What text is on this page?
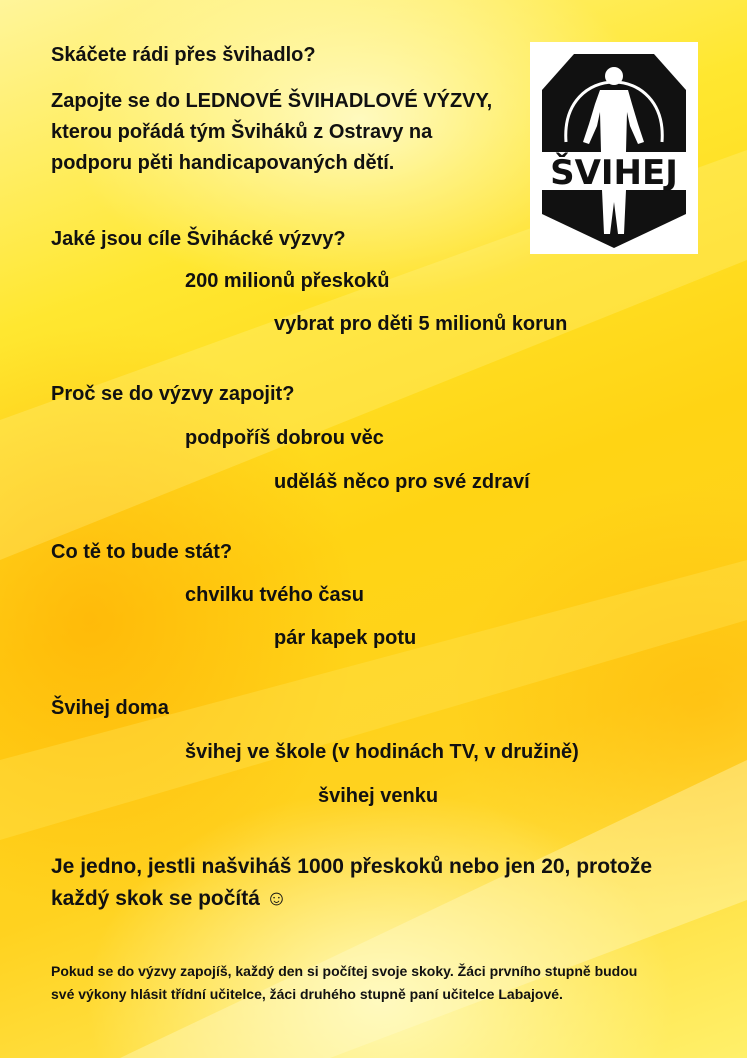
ŠVIHEJ

Skáčete rádi přes švihadlo?

Zapojte se do LEDNOVÉ ŠVIHADLOVÉ VÝZVY,

kterou pořádá tým Šviháků z Ostravy na

podporu pěti handicapovaných dětí.

Jaké jsou cíle Švihácké výzvy?

200 milionů přeskoků

vybrat pro děti 5 milionů korun

Proč se do výzvy zapojit?

podpoříš dobrou věc

uděláš něco pro své zdraví

Co tě to bude stát?

chvilku tvého času

pár kapek potu

Švihej doma

švihej ve škole (v hodinách TV, v družině)

švihej venku

Je jedno, jestli našviháš 1000 přeskoků nebo jen 20, protože

každý skok se počítá ☺

Pokud se do výzvy zapojíš, každý den si počítej svoje skoky. Žáci prvního stupně budou

své výkony hlásit třídní učitelce, žáci druhého stupně paní učitelce Labajové.
